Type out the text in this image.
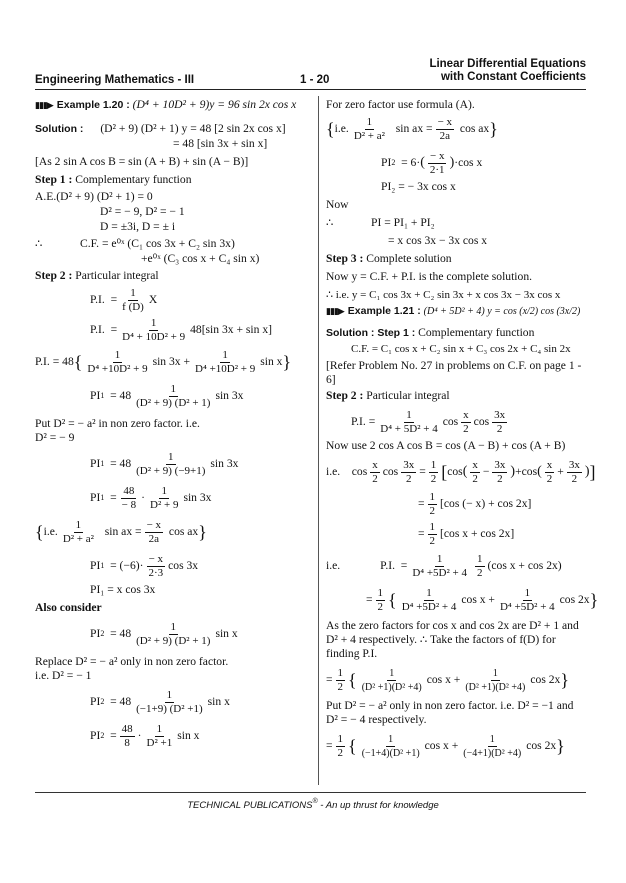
Engineering Mathematics - III	1 - 20
Linear Differential Equations
with Constant Coefficients
▮▮▮▶ Example 1.20 : (D⁴ + 10D² + 9)y = 96 sin 2x cos x
Solution : (D² + 9) (D² + 1) y = 48 [2 sin 2x cos x]
= 48 [sin 3x + sin x]
[As 2 sin A cos B = sin (A + B) + sin (A − B)]
Step 1 : Complementary function
A.E.(D² + 9) (D² + 1) = 0
D² = − 9, D² = − 1
D = ±3i, D = ± i
∴	C.F. = e⁰ˣ (C₁ cos 3x + C₂ sin 3x)
+e⁰ˣ (C₃ cos x + C₄ sin x)
Step 2 : Particular integral
P.I.  = $\frac{1}{f (D)}$ X
P.I.  = $\frac{1}{\text{D⁴ + 10D² + 9}} 48[\sin$ 3x + sin x]
P.I. = 48 { $\frac{1}{\text{D⁴ +10D² + 9}}$ $\sin 3x + \frac{1}{\text{D⁴ +10D² + 9}}$ sin x }
PI $1 = 48 \frac{1}{\text{(D² + 9) (D² + 1)}}$ sin 3x
Put D² = − a² in non zero factor. i.e.
D² = − 9
PI $1 = 48 \frac{1}{\text{(D² + 9) (−9+1)}}$ sin 3x
PI $1 = \frac{48}{- 8} \cdot \frac{1}{\text{D² + 9}}$ sin 3x
{ i.e. $\frac{1}{\text{D² + a²}}$ sin ax = $\frac{- x}{2a}$ cos ax }
PI $1 = (-6)\cdot \frac{- x}{2\cdot 3}$ cos 3x
PI₁ = x cos 3x
Also consider
PI $2 = 48 \frac{1}{\text{(D² + 9) (D² + 1)}}$ sin x
Replace D² = − a² only in non zero factor.
i.e. D² = − 1
PI $2 = 48 \frac{1}{\text{(−1+9) (D² +1)}}$ sin x
PI $2 = \frac{48}{8} \cdot \frac{1}{\text{D² +1}}$ sin x
For zero factor use formula (A).
{ i.e. $\frac{1}{\text{D² + a²}}$ sin ax = $\frac{- x}{2a}$ cos ax }
PI 2 = 6· ( $\frac{- x}{2\cdot 1}$ ) ·cos x
PI₂ = − 3x cos x
Now
∴	PI = PI₁ + PI₂
= x cos 3x − 3x cos x
Step 3 : Complete solution
Now y = C.F. + P.I. is the complete solution.
∴ i.e. y = C₁ cos 3x + C₂ sin 3x + x cos 3x − 3x cos x
▮▮▮▶ Example 1.21 : (D⁴ + 5D² + 4) y = cos (x/2) cos (3x/2)
Solution : Step 1 : Complementary function
C.F. = C₁ cos x + C₂ sin x + C₃ cos 2x + C₄ sin 2x
[Refer Problem No. 27 in problems on C.F. on page 1 - 6]
Step 2 : Particular integral
P.I. = $\frac{1}{\text{D⁴ + 5D² + 4}}$ $\cos \frac{x}{2}$ $\cos \frac{3x}{2}$
Now use 2 cos A cos B = cos (A − B) + cos (A + B)
i.e.    $\cos \frac{x}{2}$ $\cos \frac{3x}{2} = \frac{1}{2}$ [ cos ( $\frac{x}{2} - \frac{3x}{2}$ ) +cos ( $\frac{x}{2} + \frac{3x}{2}$ ) ]
= $\frac{1}{2} [\cos$ (− x) + cos 2x]
= $\frac{1}{2} [\cos$ x + cos 2x]
i.e.	P.I.  = $\frac{1}{\text{D⁴ +5D² + 4}} \frac{1}{2} (\cos$ x + cos 2x)
= $\frac{1}{2}$ { $\frac{1}{\text{D⁴ +5D² + 4}}$ $\cos x + \frac{1}{\text{D⁴ +5D² + 4}}$ cos 2x }
As the zero factors for cos x and cos 2x are D² + 1 and D² + 4 respectively. ∴ Take the factors of f(D) for finding P.I.
= $\frac{1}{2}$ { $\frac{1}{\text{(D² +1)(D² +4)}}$ $\cos x + \frac{1}{\text{(D² +1)(D² +4)}}$ cos 2x }
Put D² = − a² only in non zero factor. i.e. D² = −1 and D² = − 4 respectively.
= $\frac{1}{2}$ { $\frac{1}{\text{(−1+4)(D² +1)}}$ $\cos x + \frac{1}{\text{(−4+1)(D² +4)}}$ cos 2x }
TECHNICAL PUBLICATIONS® - An up thrust for knowledge
